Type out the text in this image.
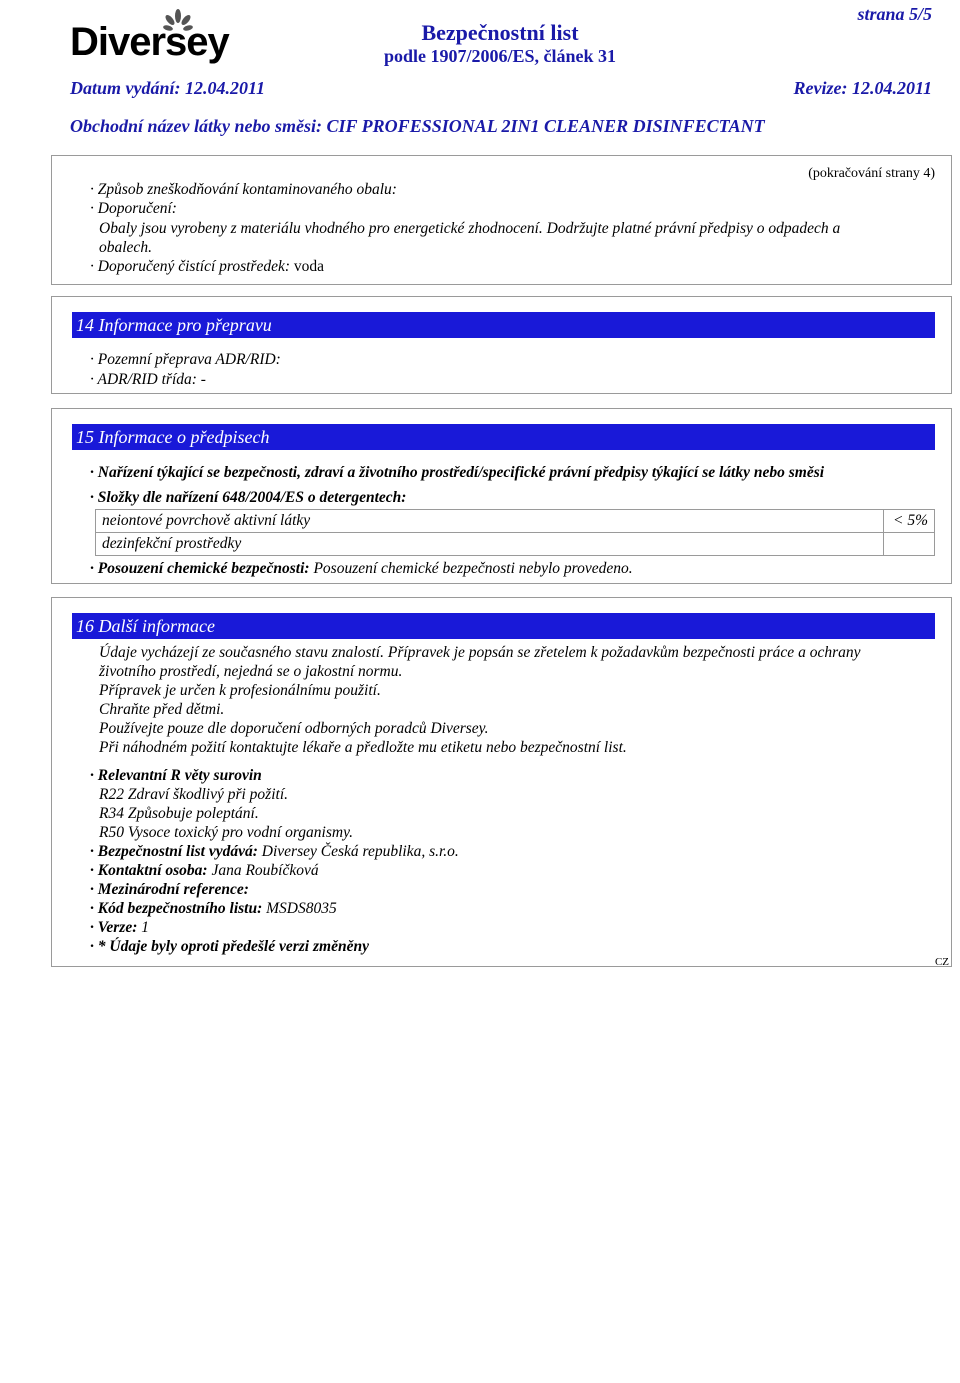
Diversey
strana 5/5
Bezpečnostní list
podle 1907/2006/ES, článek 31
Datum vydání: 12.04.2011	Revize: 12.04.2011
Obchodní název látky nebo směsi: CIF PROFESSIONAL 2IN1 CLEANER DISINFECTANT
(pokračování strany 4)
· Způsob zneškodňování kontaminovaného obalu:
· Doporučení:
Obaly jsou vyrobeny z materiálu vhodného pro energetické zhodnocení. Dodržujte platné právní předpisy o odpadech a
obalech.
· Doporučený čistící prostředek: voda
14 Informace pro přepravu
· Pozemní přeprava ADR/RID:
· ADR/RID třída: -
15 Informace o předpisech
· Nařízení týkající se bezpečnosti, zdraví a životního prostředí/specifické právní předpisy týkající se látky nebo směsi
· Složky dle nařízení 648/2004/ES o detergentech:
neiontové povrchově aktivní látky	< 5%
dezinfekční prostředky	
· Posouzení chemické bezpečnosti: Posouzení chemické bezpečnosti nebylo provedeno.
16 Další informace
Údaje vycházejí ze současného stavu znalostí. Přípravek je popsán se zřetelem k požadavkům bezpečnosti práce a ochrany
životního prostředí, nejedná se o jakostní normu.
Přípravek je určen k profesionálnímu použití.
Chraňte před dětmi.
Používejte pouze dle doporučení odborných poradců Diversey.
Při náhodném požití kontaktujte lékaře a předložte mu etiketu nebo bezpečnostní list.
· Relevantní R věty surovin
R22 Zdraví škodlivý při požití.
R34 Způsobuje poleptání.
R50 Vysoce toxický pro vodní organismy.
· Bezpečnostní list vydává: Diversey Česká republika, s.r.o.
· Kontaktní osoba: Jana Roubíčková
· Mezinárodní reference:
· Kód bezpečnostního listu: MSDS8035
· Verze: 1
· * Údaje byly oproti předešlé verzi změněny
CZ
